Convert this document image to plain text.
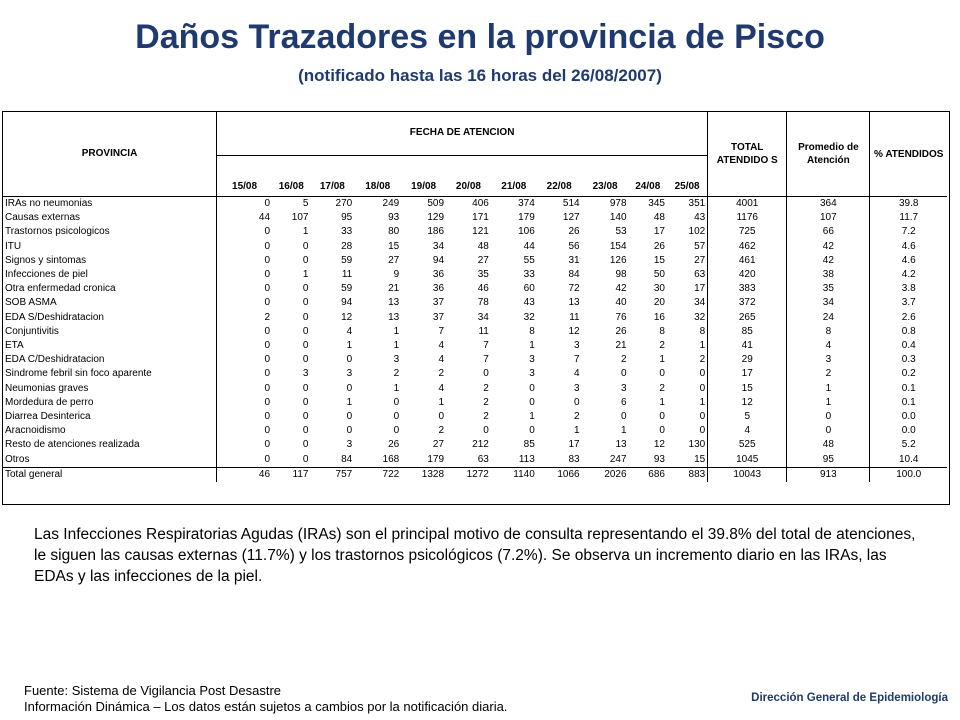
Daños Trazadores en la provincia de Pisco
(notificado hasta las 16 horas del 26/08/2007)
PROVINCIA	FECHA DE ATENCION											TOTAL ATENDIDO S	Promedio de Atención	% ATENDIDOS
	15/08	16/08	17/08	18/08	19/08	20/08	21/08	22/08	23/08	24/08	25/08			
IRAs no neumonias	0	5	270	249	509	406	374	514	978	345	351	4001	364	39.8
Causas externas	44	107	95	93	129	171	179	127	140	48	43	1176	107	11.7
Trastornos psicologicos	0	1	33	80	186	121	106	26	53	17	102	725	66	7.2
ITU	0	0	28	15	34	48	44	56	154	26	57	462	42	4.6
Signos y sintomas	0	0	59	27	94	27	55	31	126	15	27	461	42	4.6
Infecciones de piel	0	1	11	9	36	35	33	84	98	50	63	420	38	4.2
Otra enfermedad cronica	0	0	59	21	36	46	60	72	42	30	17	383	35	3.8
SOB ASMA	0	0	94	13	37	78	43	13	40	20	34	372	34	3.7
EDA S/Deshidratacion	2	0	12	13	37	34	32	11	76	16	32	265	24	2.6
Conjuntivitis	0	0	4	1	7	11	8	12	26	8	8	85	8	0.8
ETA	0	0	1	1	4	7	1	3	21	2	1	41	4	0.4
EDA C/Deshidratacion	0	0	0	3	4	7	3	7	2	1	2	29	3	0.3
Sindrome febril sin foco aparente	0	3	3	2	2	0	3	4	0	0	0	17	2	0.2
Neumonias graves	0	0	0	1	4	2	0	3	3	2	0	15	1	0.1
Mordedura de perro	0	0	1	0	1	2	0	0	6	1	1	12	1	0.1
Diarrea Desinterica	0	0	0	0	0	2	1	2	0	0	0	5	0	0.0
Aracnoidismo	0	0	0	0	2	0	0	1	1	0	0	4	0	0.0
Resto de atenciones realizada	0	0	3	26	27	212	85	17	13	12	130	525	48	5.2
Otros	0	0	84	168	179	63	113	83	247	93	15	1045	95	10.4
Total general	46	117	757	722	1328	1272	1140	1066	2026	686	883	10043	913	100.0
Las Infecciones Respiratorias Agudas (IRAs) son el principal motivo de consulta representando el 39.8% del total de atenciones, le siguen las causas externas (11.7%) y los trastornos psicológicos (7.2%). Se observa un incremento diario en las IRAs, las EDAs y las infecciones de la piel.
Fuente: Sistema de Vigilancia Post Desastre
Información Dinámica – Los datos están sujetos a cambios por la notificación diaria.
Dirección General de Epidemiología
